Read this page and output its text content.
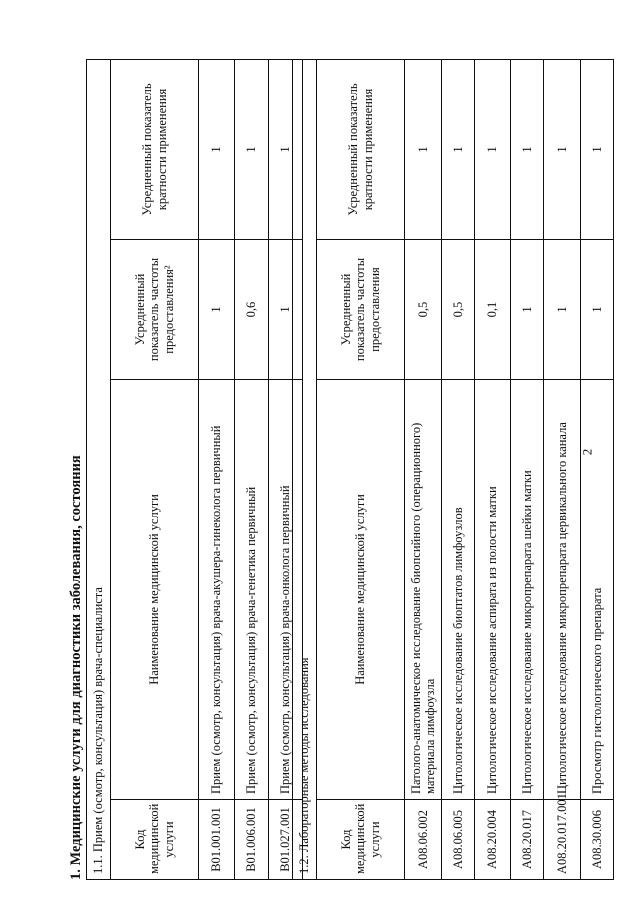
2
1. Медицинские услуги для диагностики заболевания, состояния 1.1. Прием (осмотр, консультация) врача-специалиста			
Код медицинской услуги	Наименование медицинской услуги	Усредненный показатель частоты предоставления²	Усредненный показатель кратности применения
B01.001.001	Прием (осмотр, консультация) врача-акушера-гинеколога первичный	1	1
B01.006.001	Прием (осмотр, консультация) врача-генетика первичный	0,6	1
B01.027.001	Прием (осмотр, консультация) врача-онколога первичный	1	1
1.2. Лабораторные методы исследования			
Код медицинской услуги	Наименование медицинской услуги	Усредненный показатель частоты предоставления	Усредненный показатель кратности применения
A08.06.002	Патолого-анатомическое исследование биопсийного (операционного) материала лимфоузла	0,5	1
A08.06.005	Цитологическое исследование биоптатов лимфоузлов	0,5	1
A08.20.004	Цитологическое исследование аспирата из полости матки	0,1	1
A08.20.017	Цитологическое исследование микропрепарата шейки матки	1	1
A08.20.017.001	Цитологическое исследование микропрепарата цервикального канала	1	1
A08.30.006	Просмотр гистологического препарата	1	1
